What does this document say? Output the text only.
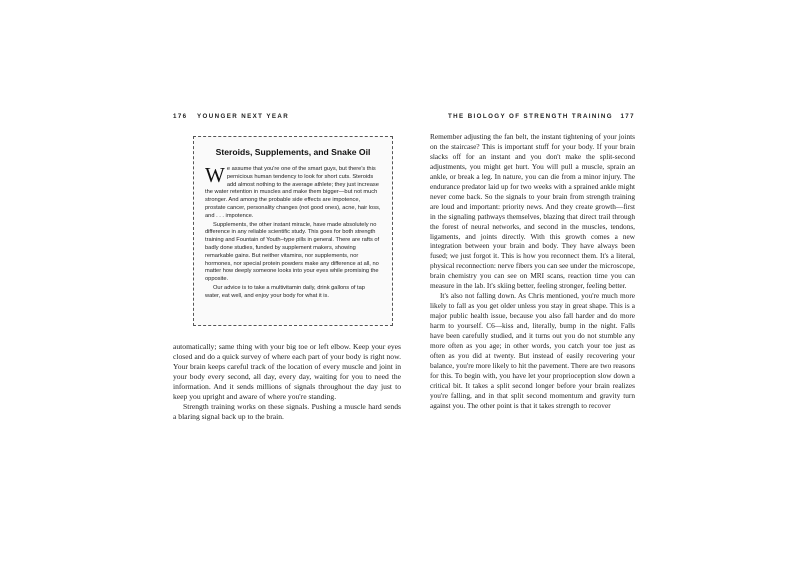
176 YOUNGER NEXT YEAR
Steroids, Supplements, and Snake Oil

We assume that you're one of the smart guys, but there's this pernicious human tendency to look for short cuts. Steroids add almost nothing to the average athlete; they just increase the water retention in muscles and make them bigger—but not much stronger. And among the probable side effects are impotence, prostate cancer, personality changes (not good ones), acne, hair loss, and . . . impotence.

Supplements, the other instant miracle, have made absolutely no difference in any reliable scientific study. This goes for both strength training and Fountain of Youth–type pills in general. There are rafts of badly done studies, funded by supplement makers, showing remarkable gains. But neither vitamins, nor supplements, nor hormones, nor special protein powders make any difference at all, no matter how deeply someone looks into your eyes while promising the opposite.

Our advice is to take a multivitamin daily, drink gallons of tap water, eat well, and enjoy your body for what it is.

automatically; same thing with your big toe or left elbow. Keep your eyes closed and do a quick survey of where each part of your body is right now. Your brain keeps careful track of the location of every muscle and joint in your body every second, all day, every day, waiting for you to need the information. And it sends millions of signals throughout the day just to keep you upright and aware of where you're standing.

Strength training works on these signals. Pushing a muscle hard sends a blaring signal back up to the brain.

THE BIOLOGY OF STRENGTH TRAINING 177

Remember adjusting the fan belt, the instant tightening of your joints on the staircase? This is important stuff for your body. If your brain slacks off for an instant and you don't make the split-second adjustments, you might get hurt. You will pull a muscle, sprain an ankle, or break a leg. In nature, you can die from a minor injury. The endurance predator laid up for two weeks with a sprained ankle might never come back. So the signals to your brain from strength training are loud and important: priority news. And they create growth—first in the signaling pathways themselves, blazing that direct trail through the forest of neural networks, and second in the muscles, tendons, ligaments, and joints directly. With this growth comes a new integration between your brain and body. They have always been fused; we just forgot it. This is how you reconnect them. It's a literal, physical reconnection: nerve fibers you can see under the microscope, brain chemistry you can see on MRI scans, reaction time you can measure in the lab. It's skiing better, feeling stronger, feeling better.

It's also not falling down. As Chris mentioned, you're much more likely to fall as you get older unless you stay in great shape. This is a major public health issue, because you also fall harder and do more harm to yourself. C6—kiss and, literally, bump in the night. Falls have been carefully studied, and it turns out you do not stumble any more often as you age; in other words, you catch your toe just as often as you did at twenty. But instead of easily recovering your balance, you're more likely to hit the pavement. There are two reasons for this. To begin with, you have let your proprioception slow down a critical bit. It takes a split second longer before your brain realizes you're falling, and in that split second momentum and gravity turn against you. The other point is that it takes strength to recover
